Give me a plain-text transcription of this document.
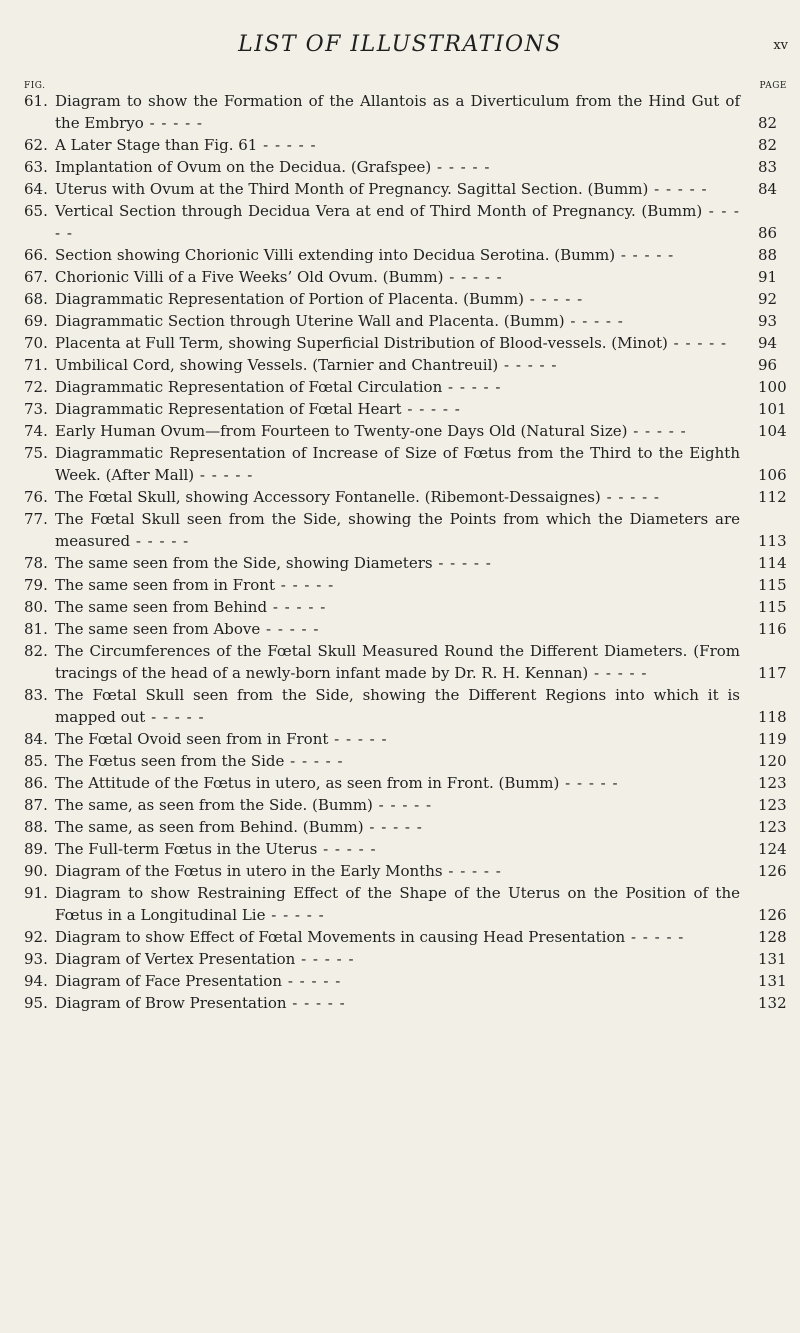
LIST OF ILLUSTRATIONS	xv
FIG.	PAGE
61. Diagram to show the Formation of the Allantois as a Diverticulum from the Hind Gut of the Embryo - - - - -	82
62. A Later Stage than Fig. 61 - - - - -	82
63. Implantation of Ovum on the Decidua. (Grafspee) - - - - -	83
64. Uterus with Ovum at the Third Month of Pregnancy. Sagittal Section. (Bumm) - - - - -	84
65. Vertical Section through Decidua Vera at end of Third Month of Pregnancy. (Bumm) - - - - -	86
66. Section showing Chorionic Villi extending into Decidua Serotina. (Bumm) - - - - -	88
67. Chorionic Villi of a Five Weeks’ Old Ovum. (Bumm) - - - - -	91
68. Diagrammatic Representation of Portion of Placenta. (Bumm) - - - - -	92
69. Diagrammatic Section through Uterine Wall and Placenta. (Bumm) - - - - -	93
70. Placenta at Full Term, showing Superficial Distribution of Blood-vessels. (Minot) - - - - - 94
71. Umbilical Cord, showing Vessels. (Tarnier and Chantreuil) - - - - -	96
72. Diagrammatic Representation of Fœtal Circulation - - - - -	100
73. Diagrammatic Representation of Fœtal Heart - - - - -	101
74. Early Human Ovum—from Fourteen to Twenty-one Days Old (Natural Size) - - - - -	104
75. Diagrammatic Representation of Increase of Size of Fœtus from the Third to the Eighth Week. (After Mall) - - - - -	106
76. The Fœtal Skull, showing Accessory Fontanelle. (Ribemont-Dessaignes) - - - - -	112
77. The Fœtal Skull seen from the Side, showing the Points from which the Diameters are measured - - - - -	113
78. The same seen from the Side, showing Diameters - - - - -	114
79. The same seen from in Front - - - - -	115
80. The same seen from Behind - - - - -	115
81. The same seen from Above - - - - -	116
82. The Circumferences of the Fœtal Skull Measured Round the Different Diameters. (From tracings of the head of a newly-born infant made by Dr. R. H. Kennan) - - - - -	117
83. The Fœtal Skull seen from the Side, showing the Different Regions into which it is mapped out - - - - -	118
84. The Fœtal Ovoid seen from in Front - - - - -	119
85. The Fœtus seen from the Side - - - - -	120
86. The Attitude of the Fœtus in utero, as seen from in Front. (Bumm) - - - - -	123
87. The same, as seen from the Side. (Bumm) - - - - -	123
88. The same, as seen from Behind. (Bumm) - - - - -	123
89. The Full-term Fœtus in the Uterus - - - - -	124
90. Diagram of the Fœtus in utero in the Early Months - - - - -	126
91. Diagram to show Restraining Effect of the Shape of the Uterus on the Position of the Fœtus in a Longitudinal Lie - - - - -	126
92. Diagram to show Effect of Fœtal Movements in causing Head Presentation - - - - -	128
93. Diagram of Vertex Presentation - - - - -	131
94. Diagram of Face Presentation - - - - -	131
95. Diagram of Brow Presentation - - - - -	132
